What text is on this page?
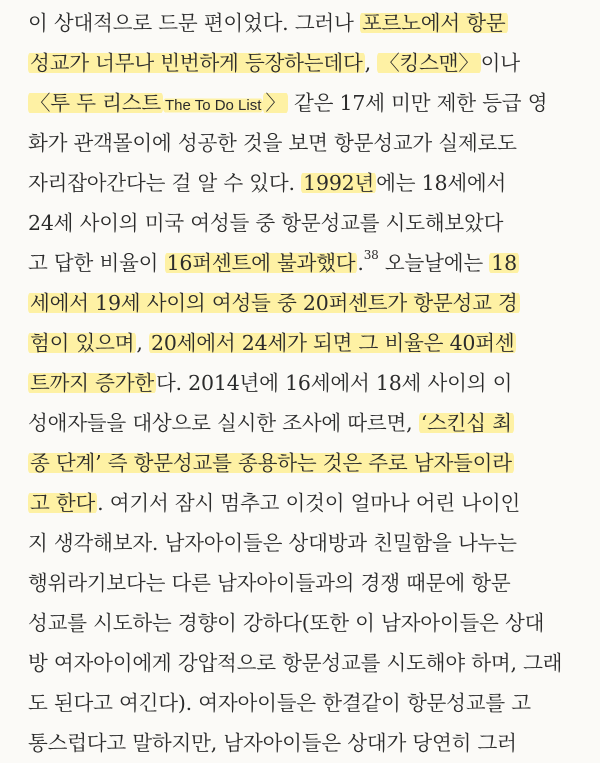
이 상대적으로 드문 편이었다. 그러나 포르노에서 항문
성교가 너무나 빈번하게 등장하는데다, 〈킹스맨〉이나
〈투 두 리스트 The To Do List 〉 같은 17세 미만 제한 등급 영
화가 관객몰이에 성공한 것을 보면 항문성교가 실제로도
자리잡아간다는 걸 알 수 있다. 1992년에는 18세에서
24세 사이의 미국 여성들 중 항문성교를 시도해보았다
고 답한 비율이 16퍼센트에 불과했다.$^{38}$ 오늘날에는 18
세에서 19세 사이의 여성들 중 20퍼센트가 항문성교 경
험이 있으며, 20세에서 24세가 되면 그 비율은 40퍼센
트까지 증가한다. 2014년에 16세에서 18세 사이의 이
성애자들을 대상으로 실시한 조사에 따르면, ‘스킨십 최
종 단계’ 즉 항문성교를 종용하는 것은 주로 남자들이라
고 한다. 여기서 잠시 멈추고 이것이 얼마나 어린 나이인
지 생각해보자. 남자아이들은 상대방과 친밀함을 나누는
행위라기보다는 다른 남자아이들과의 경쟁 때문에 항문
성교를 시도하는 경향이 강하다(또한 이 남자아이들은 상대
방 여자아이에게 강압적으로 항문성교를 시도해야 하며, 그래
도 된다고 여긴다). 여자아이들은 한결같이 항문성교를 고
통스럽다고 말하지만, 남자아이들은 상대가 당연히 그러
